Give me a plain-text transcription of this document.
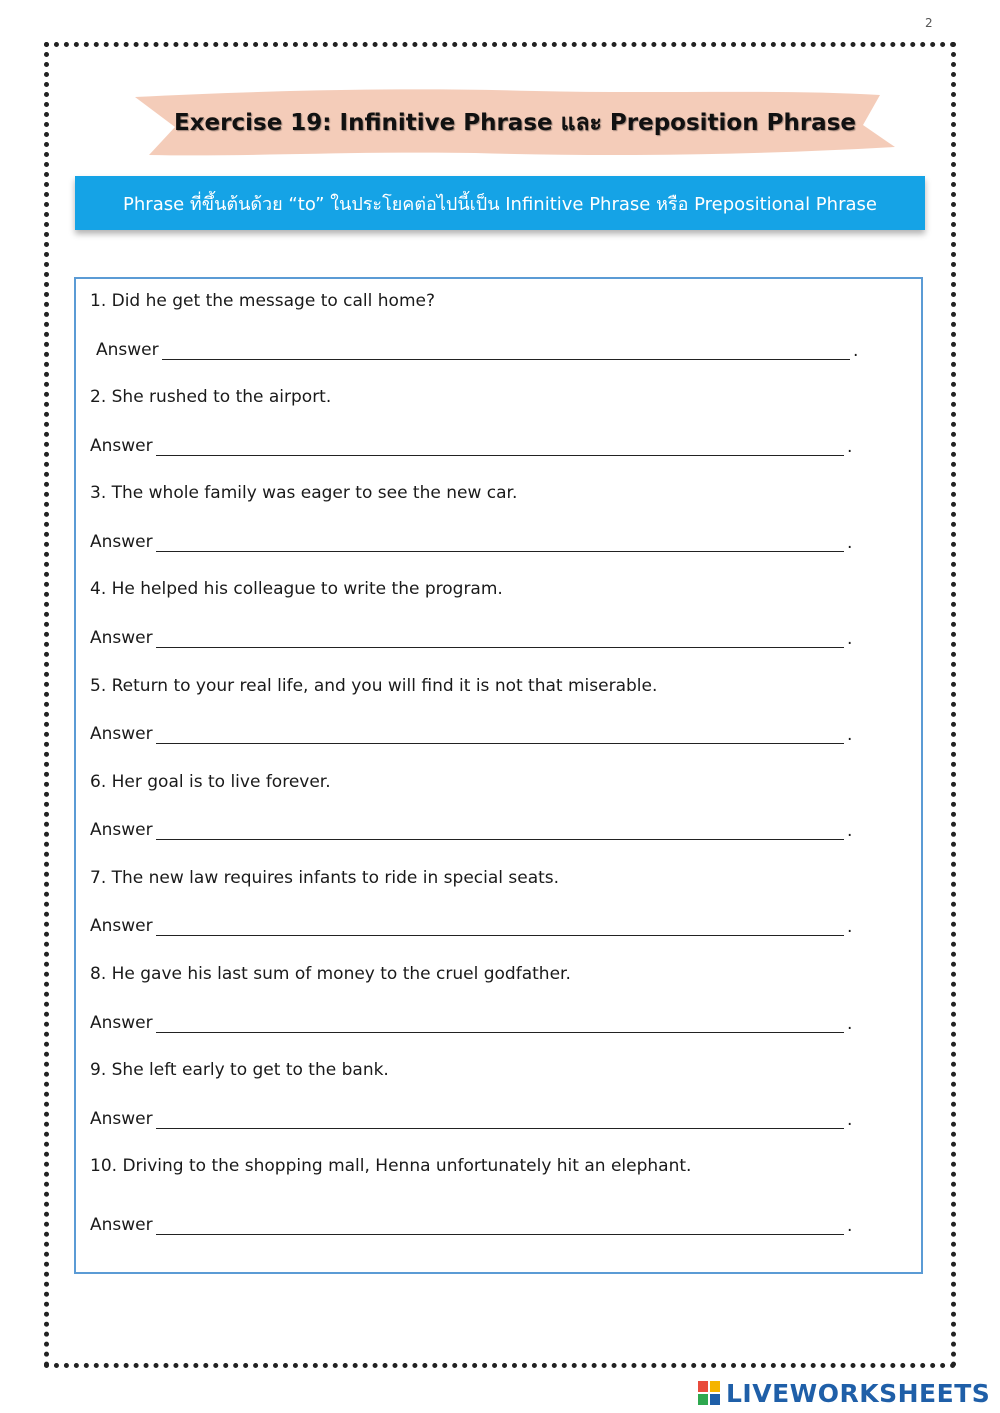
2
Exercise 19: Infinitive Phrase และ Preposition Phrase
Phrase ที่ขึ้นต้นด้วย “to” ในประโยคต่อไปนี้เป็น Infinitive Phrase หรือ Prepositional Phrase
1. Did he get the message to call home?
Answer	.
2. She rushed to the airport.
Answer	.
3. The whole family was eager to see the new car.
Answer	.
4. He helped his colleague to write the program.
Answer	.
5. Return to your real life, and you will find it is not that miserable.
Answer	.
6. Her goal is to live forever.
Answer	.
7. The new law requires infants to ride in special seats.
Answer	.
8. He gave his last sum of money to the cruel godfather.
Answer	.
9. She left early to get to the bank.
Answer	.
10. Driving to the shopping mall, Henna unfortunately hit an elephant.
Answer	.
LIVEWORKSHEETS
